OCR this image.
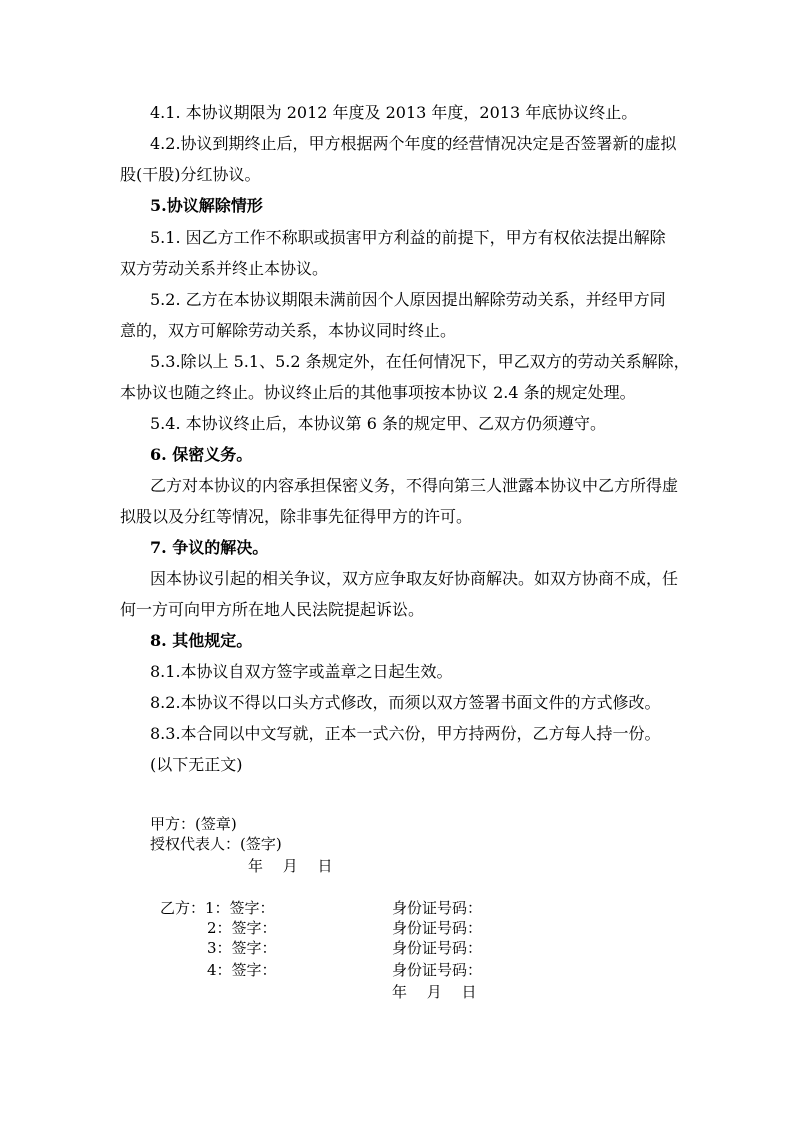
4.1. 本协议期限为 2012 年度及 2013 年度，2013 年底协议终止。
4.2.协议到期终止后，甲方根据两个年度的经营情况决定是否签署新的虚拟
股(干股)分红协议。
5.协议解除情形
5.1. 因乙方工作不称职或损害甲方利益的前提下，甲方有权依法提出解除
双方劳动关系并终止本协议。
5.2. 乙方在本协议期限未满前因个人原因提出解除劳动关系，并经甲方同
意的，双方可解除劳动关系，本协议同时终止。
5.3.除以上 5.1、5.2 条规定外，在任何情况下，甲乙双方的劳动关系解除，
本协议也随之终止。协议终止后的其他事项按本协议 2.4 条的规定处理。
5.4. 本协议终止后，本协议第 6 条的规定甲、乙双方仍须遵守。
6. 保密义务。
乙方对本协议的内容承担保密义务，不得向第三人泄露本协议中乙方所得虚
拟股以及分红等情况，除非事先征得甲方的许可。
7. 争议的解决。
因本协议引起的相关争议，双方应争取友好协商解决。如双方协商不成，任
何一方可向甲方所在地人民法院提起诉讼。
8. 其他规定。
8.1.本协议自双方签字或盖章之日起生效。
8.2.本协议不得以口头方式修改，而须以双方签署书面文件的方式修改。
8.3.本合同以中文写就，正本一式六份，甲方持两份，乙方每人持一份。
(以下无正文)
甲方：(签章)
授权代表人：(签字)
年　 月　 日
乙方：1：签字：	身份证号码：
2：签字：	身份证号码：
3：签字：	身份证号码：
4：签字：	身份证号码：
年　 月　 日
